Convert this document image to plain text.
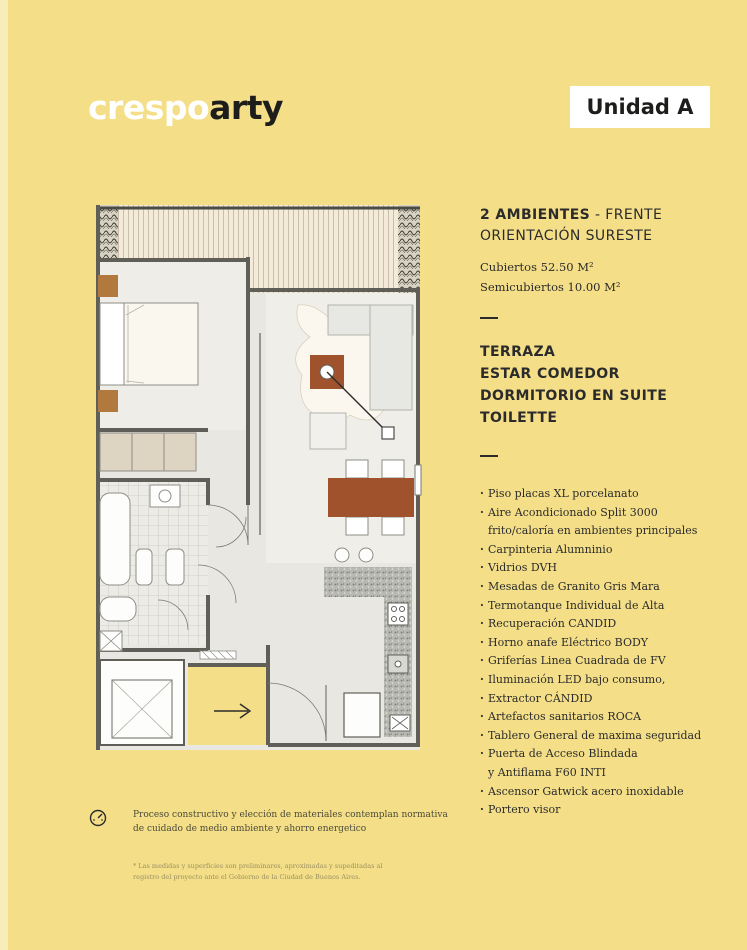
crespoarty	Unidad A
2 AMBIENTES - FRENTE
ORIENTACIÓN SURESTE
Cubiertos 52.50 M²
Semicubiertos 10.00 M²
TERRAZA
ESTAR COMEDOR
DORMITORIO EN SUITE
TOILETTE
· Piso placas XL porcelanato
· Aire Acondicionado Split 3000
frito/caloría en ambientes principales
· Carpinteria Alumninio
· Vidrios DVH
· Mesadas de Granito Gris Mara
· Termotanque Individual de Alta
· Recuperación CANDID
· Horno anafe Eléctrico BODY
· Griferías Linea Cuadrada de FV
· Iluminación LED bajo consumo,
· Extractor CÁNDID
· Artefactos sanitarios ROCA
· Tablero General de maxima seguridad
· Puerta de Acceso Blindada
y Antiflama F60 INTI
· Ascensor Gatwick acero inoxidable
· Portero visor
Proceso constructivo y elección de materiales contemplan normativa
de cuidado de medio ambiente y ahorro energetico
* Las medidas y superficies son preliminares, aproximadas y supeditadas al
registro del proyecto ante el Gobierno de la Ciudad de Buenos Aires.
